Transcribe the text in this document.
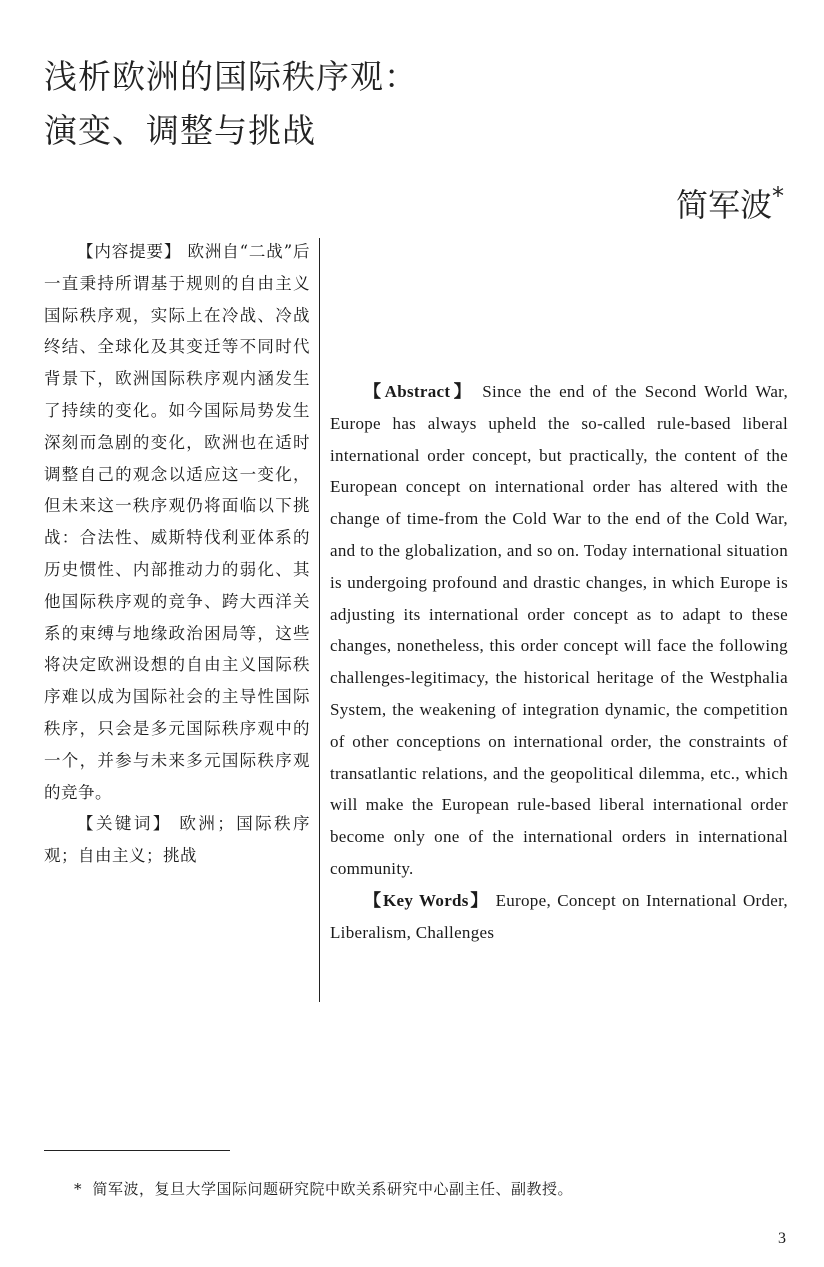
浅析欧洲的国际秩序观：
演变、调整与挑战
简军波*

【内容提要】 欧洲自“二战”后一直秉持所谓基于规则的自由主义国际秩序观，实际上在冷战、冷战终结、全球化及其变迁等不同时代背景下，欧洲国际秩序观内涵发生了持续的变化。如今国际局势发生深刻而急剧的变化，欧洲也在适时调整自己的观念以适应这一变化，但未来这一秩序观仍将面临以下挑战：合法性、威斯特伐利亚体系的历史惯性、内部推动力的弱化、其他国际秩序观的竞争、跨大西洋关系的束缚与地缘政治困局等，这些将决定欧洲设想的自由主义国际秩序难以成为国际社会的主导性国际秩序，只会是多元国际秩序观中的一个，并参与未来多元国际秩序观的竞争。

【关键词】 欧洲；国际秩序观；自由主义；挑战

【Abstract】 Since the end of the Second World War, Europe has always upheld the so-called rule-based liberal international order concept, but practically, the content of the European concept on international order has altered with the change of time-from the Cold War to the end of the Cold War, and to the globalization, and so on. Today international situation is undergoing profound and drastic changes, in which Europe is adjusting its international order concept as to adapt to these changes, nonetheless, this order concept will face the following challenges-legitimacy, the historical heritage of the Westphalia System, the weakening of integration dynamic, the competition of other conceptions on international order, the constraints of transatlantic relations, and the geopolitical dilemma, etc., which will make the European rule-based liberal international order become only one of the international orders in international community.

【Key Words】 Europe, Concept on International Order, Liberalism, Challenges

* 简军波，复旦大学国际问题研究院中欧关系研究中心副主任、副教授。
3
